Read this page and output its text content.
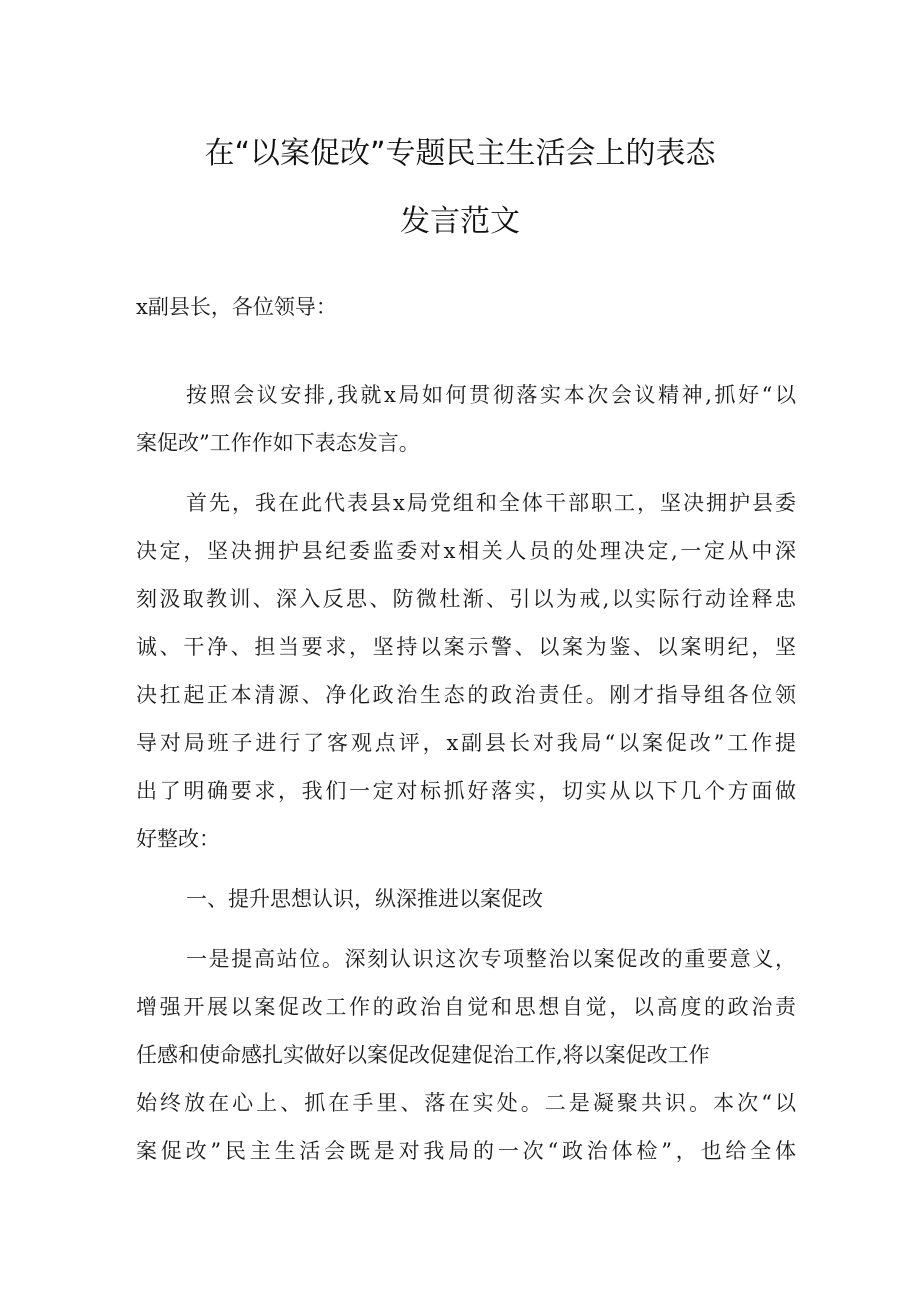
在“以案促改”专题民主生活会上的表态
发言范文

x副县长，各位领导：

按照会议安排,我就x局如何贯彻落实本次会议精神,抓好“以

案促改”工作作如下表态发言。

首先，我在此代表县x局党组和全体干部职工，坚决拥护县委

决定，坚决拥护县纪委监委对x相关人员的处理决定,一定从中深

刻汲取教训、深入反思、防微杜渐、引以为戒,以实际行动诠释忠

诚、干净、担当要求，坚持以案示警、以案为鉴、以案明纪，坚

决扛起正本清源、净化政治生态的政治责任。刚才指导组各位领

导对局班子进行了客观点评，x副县长对我局“以案促改”工作提

出了明确要求，我们一定对标抓好落实，切实从以下几个方面做

好整改：

一、提升思想认识，纵深推进以案促改

一是提高站位。深刻认识这次专项整治以案促改的重要意义，

增强开展以案促改工作的政治自觉和思想自觉，以高度的政治责

任感和使命感扎实做好以案促改促建促治工作,将以案促改工作

始终放在心上、抓在手里、落在实处。二是凝聚共识。本次“以

案促改”民主生活会既是对我局的一次“政治体检”，也给全体
